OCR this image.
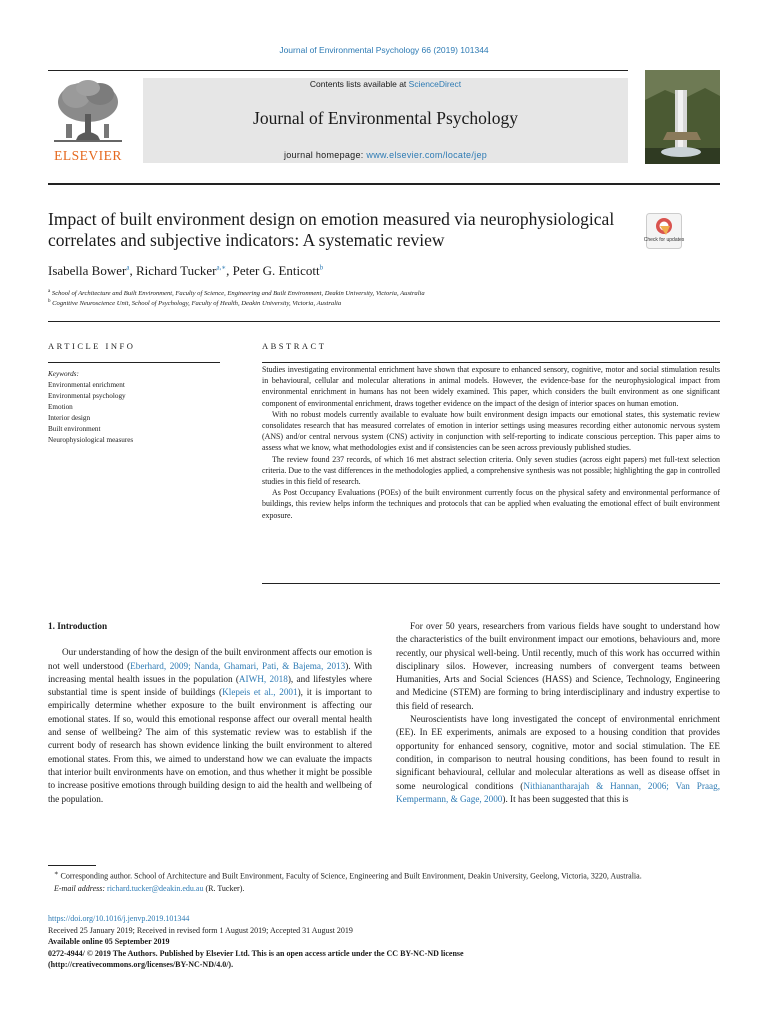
Journal of Environmental Psychology 66 (2019) 101344
ELSEVIER
Contents lists available at ScienceDirect
Journal of Environmental Psychology
journal homepage: www.elsevier.com/locate/jep
Impact of built environment design on emotion measured via neurophysiological correlates and subjective indicators: A systematic review	Check for updates
Isabella Bower$^a$, Richard Tucker$^{a,∗}$, Peter G. Enticott$^b$
$^a$ School of Architecture and Built Environment, Faculty of Science, Engineering and Built Environment, Deakin University, Victoria, Australia
$^b$ Cognitive Neuroscience Unit, School of Psychology, Faculty of Health, Deakin University, Victoria, Australia
ARTICLE INFO	ABSTRACT
Keywords:
Environmental enrichment
Environmental psychology
Emotion
Interior design
Built environment
Neurophysiological measures

Studies investigating environmental enrichment have shown that exposure to enhanced sensory, cognitive, motor and social stimulation results in behavioural, cellular and molecular alterations in animal models. However, the evidence-base for the neurophysiological impact from environmental enrichment in humans has not been widely examined. This paper, which considers the built environment as one significant component of environmental enrichment, draws together evidence on the impact of the design of interior spaces on human emotion.

With no robust models currently available to evaluate how built environment design impacts our emotional states, this systematic review consolidates research that has measured correlates of emotion in interior settings using measures recording either autonomic nervous system (ANS) and/or central nervous system (CNS) activity in conjunction with self-reporting to indicate conscious perception. This paper aims to assess what we know, what methodologies exist and if consistencies can be seen across previously published studies.

The review found 237 records, of which 16 met abstract selection criteria. Only seven studies (across eight papers) met full-text selection criteria. Due to the vast differences in the methodologies applied, a comprehensive synthesis was not possible; highlighting the gap in controlled studies in this field of research.

As Post Occupancy Evaluations (POEs) of the built environment currently focus on the physical safety and environmental performance of buildings, this review helps inform the techniques and protocols that can be applied when evaluating the emotional effect of built environment exposure.

1. Introduction

Our understanding of how the design of the built environment affects our emotion is not well understood (Eberhard, 2009; Nanda, Ghamari, Pati, & Bajema, 2013). With increasing mental health issues in the population (AIWH, 2018), and lifestyles where substantial time is spent inside of buildings (Klepeis et al., 2001), it is important to empirically determine whether exposure to the built environment is affecting our emotional states. If so, would this emotional response affect our overall mental health and sense of wellbeing? The aim of this systematic review was to establish if the current body of research has shown evidence linking the built environment to altered emotional states. From this, we aimed to understand how we can evaluate the impacts that interior built environments have on emotion, and thus whether it might be possible to increase positive emotions through building design to aid the health and wellbeing of the population.

For over 50 years, researchers from various fields have sought to understand how the characteristics of the built environment impact our emotions, behaviours and, more recently, our physical well-being. Until recently, much of this work has occurred within disciplinary silos. However, increasing numbers of convergent teams between Humanities, Arts and Social Sciences (HASS) and Science, Technology, Engineering and Medicine (STEM) are forming to bring interdisciplinary and industry expertise to this field of research.

Neuroscientists have long investigated the concept of environmental enrichment (EE). In EE experiments, animals are exposed to a housing condition that provides opportunity for enhanced sensory, cognitive, motor and social stimulation. The EE condition, in comparison to neutral housing conditions, has been found to result in significant behavioural, cellular and molecular alterations as well as disease offset in some neurological conditions (Nithianantharajah & Hannan, 2006; Van Praag, Kempermann, & Gage, 2000). It has been suggested that this is

∗ Corresponding author. School of Architecture and Built Environment, Faculty of Science, Engineering and Built Environment, Deakin University, Geelong, Victoria, 3220, Australia.

E-mail address: richard.tucker@deakin.edu.au (R. Tucker).

https://doi.org/10.1016/j.jenvp.2019.101344
Received 25 January 2019; Received in revised form 1 August 2019; Accepted 31 August 2019
Available online 05 September 2019
0272-4944/ © 2019 The Authors. Published by Elsevier Ltd. This is an open access article under the CC BY-NC-ND license
(http://creativecommons.org/licenses/BY-NC-ND/4.0/).
